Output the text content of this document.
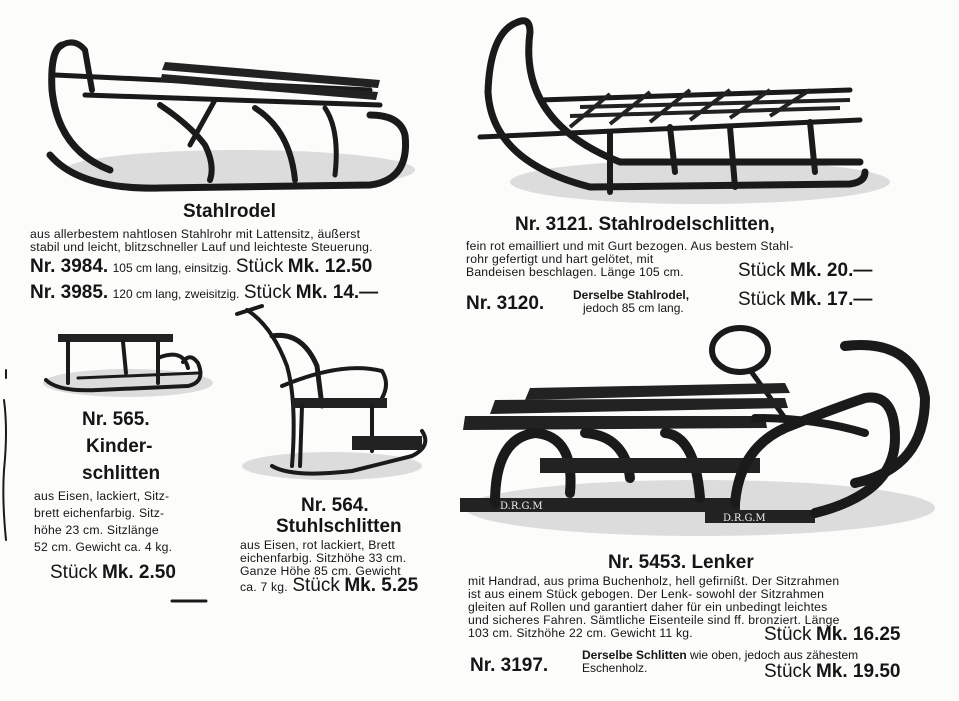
D.R.G.M
D.R.G.M
Stahlrodel
aus allerbestem nahtlosen Stahlrohr mit Lattensitz, äußerst
stabil und leicht, blitzschneller Lauf und leichteste Steuerung.
Nr. 3984. 105 cm lang, einsitzig. Stück Mk. 12.50
Nr. 3985. 120 cm lang, zweisitzig. Stück Mk. 14.—
Nr. 3121. Stahlrodelschlitten,
fein rot emailliert und mit Gurt bezogen. Aus bestem Stahl-
rohr gefertigt und hart gelötet, mit
Bandeisen beschlagen. Länge 105 cm.	Stück Mk. 20.—
Nr. 3120. Derselbe Stahlrodel,
jedoch 85 cm lang.	Stück Mk. 17.—
Nr. 565.
Kinder-
schlitten
aus Eisen, lackiert, Sitz-
brett eichenfarbig. Sitz-
höhe 23 cm. Sitzlänge
52 cm. Gewicht ca. 4 kg.
Stück Mk. 2.50
Nr. 564.
Stuhlschlitten
aus Eisen, rot lackiert, Brett
eichenfarbig. Sitzhöhe 33 cm.
Ganze Höhe 85 cm. Gewicht
ca. 7 kg. Stück Mk. 5.25
Nr. 5453. Lenker
mit Handrad, aus prima Buchenholz, hell gefirnißt. Der Sitzrahmen
ist aus einem Stück gebogen. Der Lenk- sowohl der Sitzrahmen
gleiten auf Rollen und garantiert daher für ein unbedingt leichtes
und sicheres Fahren. Sämtliche Eisenteile sind ff. bronziert. Länge
103 cm. Sitzhöhe 22 cm. Gewicht 11 kg.	Stück Mk. 16.25
Nr. 3197.	Derselbe Schlitten wie oben, jedoch aus zähestem
Eschenholz.	Stück Mk. 19.50
